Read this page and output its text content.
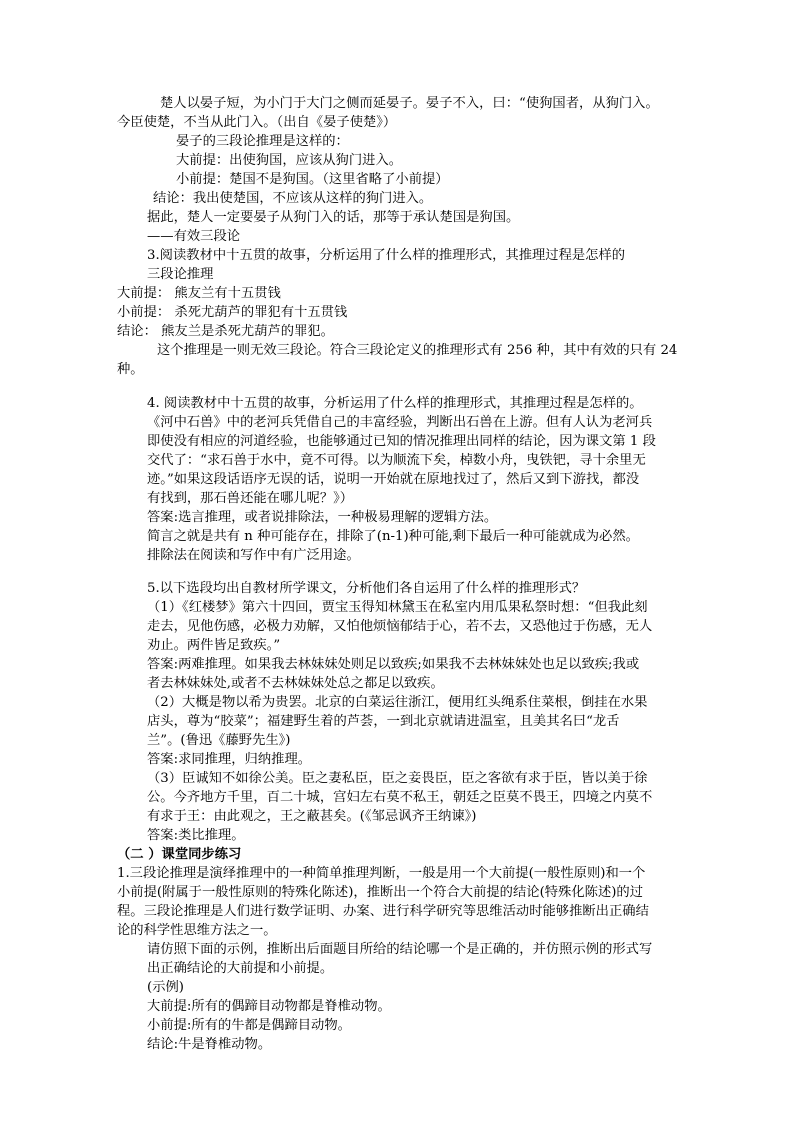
楚人以晏子短，为小门于大门之侧而延晏子。晏子不入，曰：“使狗国者，从狗门入。
今臣使楚，不当从此门入。（出自《晏子使楚》）
晏子的三段论推理是这样的：
大前提：出使狗国，应该从狗门进入。
小前提：楚国不是狗国。（这里省略了小前提）
结论：我出使楚国，不应该从这样的狗门进入。
据此，楚人一定要晏子从狗门入的话，那等于承认楚国是狗国。
——有效三段论
3.阅读教材中十五贯的故事，分析运用了什么样的推理形式，其推理过程是怎样的
三段论推理
大前提： 熊友兰有十五贯钱
小前提： 杀死尤葫芦的罪犯有十五贯钱
结论： 熊友兰是杀死尤葫芦的罪犯。
这个推理是一则无效三段论。符合三段论定义的推理形式有 256 种，其中有效的只有 24
种。
4. 阅读教材中十五贯的故事，分析运用了什么样的推理形式，其推理过程是怎样的。
《河中石兽》中的老河兵凭借自己的丰富经验，判断出石兽在上游。但有人认为老河兵
即使没有相应的河道经验，也能够通过已知的情况推理出同样的结论，因为课文第 1 段
交代了：“求石兽于水中，竟不可得。以为顺流下矣，棹数小舟，曳铁钯，寻十余里无
迹。”如果这段话语序无误的话，说明一开始就在原地找过了，然后又到下游找，都没
有找到，那石兽还能在哪儿呢？》）
答案:选言推理，或者说排除法，一种极易理解的逻辑方法。
简言之就是共有 n 种可能存在，排除了(n-1)种可能,剩下最后一种可能就成为必然。
排除法在阅读和写作中有广泛用途。
5.以下选段均出自教材所学课文，分析他们各自运用了什么样的推理形式？
（1）《红楼梦》第六十四回，贾宝玉得知林黛玉在私室内用瓜果私祭时想：“但我此刻
走去，见他伤感，必极力劝解，又怕他烦恼郁结于心，若不去，又恐他过于伤感，无人
劝止。两件皆足致疾。”
答案:两难推理。如果我去林妹妹处则足以致疾;如果我不去林妹妹处也足以致疾;我或
者去林妹妹处,或者不去林妹妹处总之都足以致疾。
（2）大概是物以希为贵罢。北京的白菜运往浙江，便用红头绳系住菜根，倒挂在水果
店头，尊为“胶菜”；福建野生着的芦荟，一到北京就请进温室，且美其名曰“龙舌
兰”。(鲁迅《藤野先生》)
答案:求同推理，归纳推理。
（3）臣诚知不如徐公美。臣之妻私臣，臣之妾畏臣，臣之客欲有求于臣，皆以美于徐
公。今齐地方千里，百二十城，宫妇左右莫不私王，朝廷之臣莫不畏王，四境之内莫不
有求于王：由此观之，王之蔽甚矣。(《邹忌讽齐王纳谏》)
答案:类比推理。
（二 ）课堂同步练习
1.三段论推理是演绎推理中的一种简单推理判断，一般是用一个大前提(一般性原则)和一个
小前提(附属于一般性原则的特殊化陈述)，推断出一个符合大前提的结论(特殊化陈述)的过
程。三段论推理是人们进行数学证明、办案、进行科学研究等思维活动时能够推断出正确结
论的科学性思维方法之一。
请仿照下面的示例，推断出后面题目所给的结论哪一个是正确的，并仿照示例的形式写
出正确结论的大前提和小前提。
(示例)
大前提:所有的偶蹄目动物都是脊椎动物。
小前提:所有的牛都是偶蹄目动物。
结论:牛是脊椎动物。
